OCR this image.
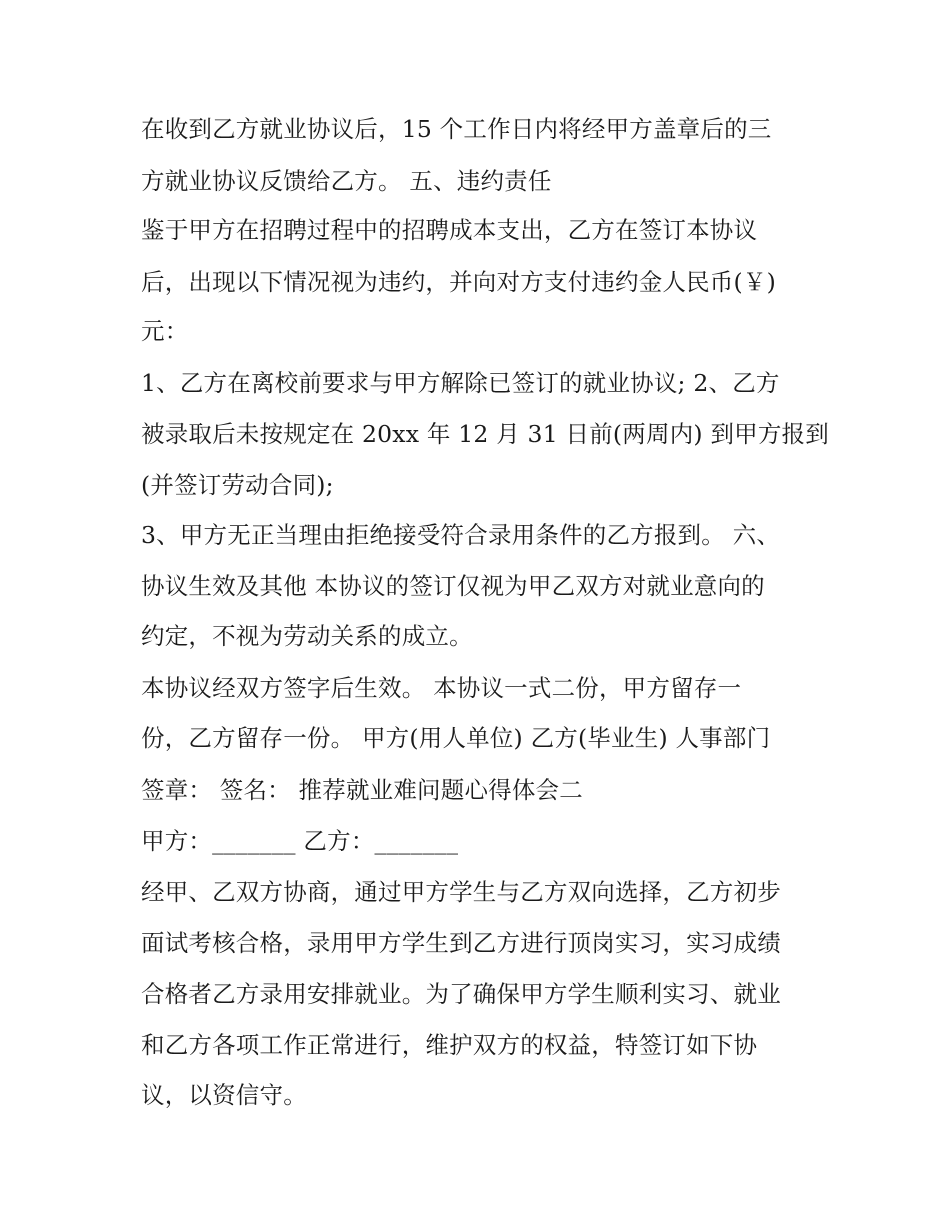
在收到乙方就业协议后，15 个工作日内将经甲方盖章后的三
方就业协议反馈给乙方。 五、违约责任
鉴于甲方在招聘过程中的招聘成本支出，乙方在签订本协议
后，出现以下情况视为违约，并向对方支付违约金人民币(￥)
元：
1、乙方在离校前要求与甲方解除已签订的就业协议; 2、乙方
被录取后未按规定在 20xx 年 12 月 31 日前(两周内) 到甲方报到
(并签订劳动合同);
3、甲方无正当理由拒绝接受符合录用条件的乙方报到。 六、
协议生效及其他 本协议的签订仅视为甲乙双方对就业意向的
约定，不视为劳动关系的成立。
本协议经双方签字后生效。 本协议一式二份，甲方留存一
份，乙方留存一份。 甲方(用人单位) 乙方(毕业生) 人事部门
签章： 签名： 推荐就业难问题心得体会二
甲方：_______ 乙方：_______
经甲、乙双方协商，通过甲方学生与乙方双向选择，乙方初步
面试考核合格，录用甲方学生到乙方进行顶岗实习，实习成绩
合格者乙方录用安排就业。为了确保甲方学生顺利实习、就业
和乙方各项工作正常进行，维护双方的权益，特签订如下协
议，以资信守。
